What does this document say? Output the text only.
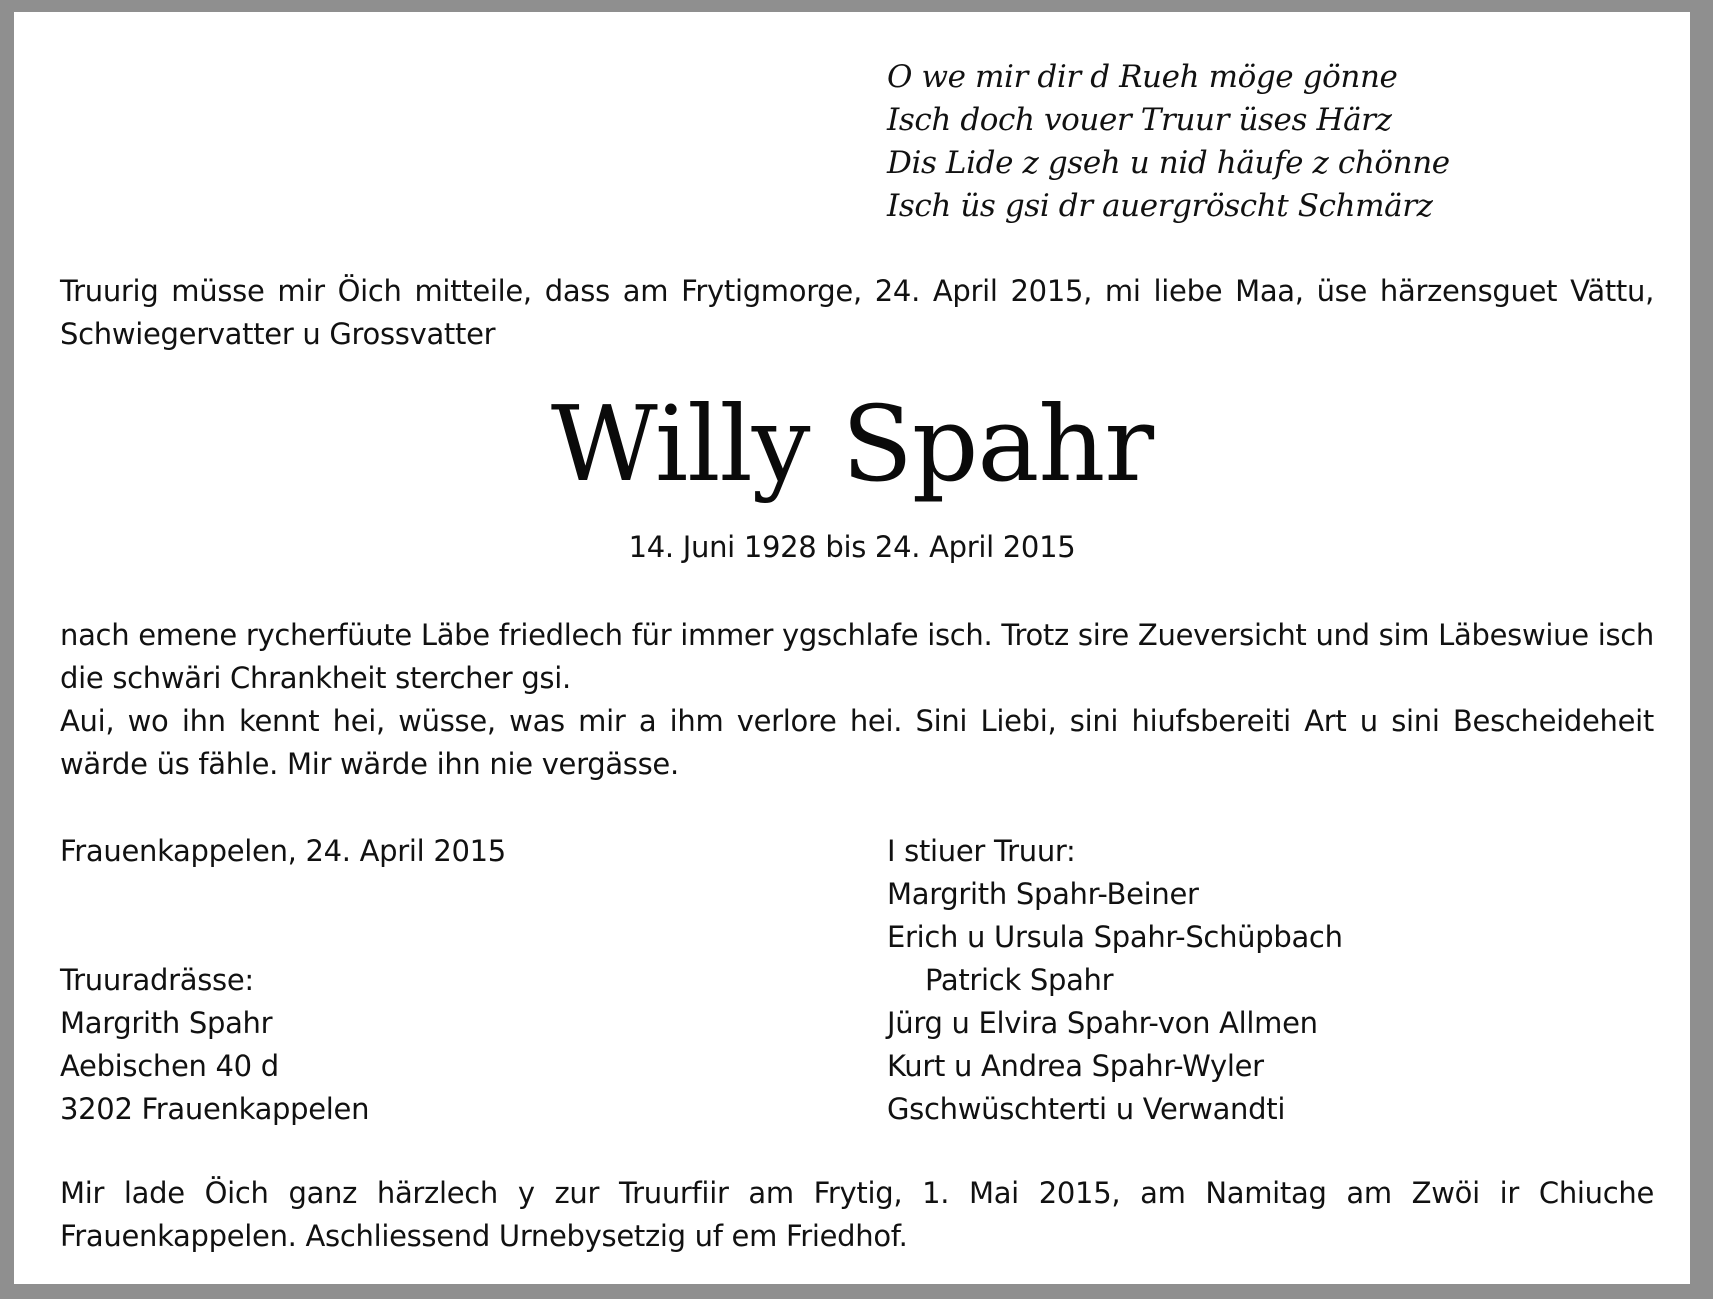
O we mir dir d Rueh möge gönne
Isch doch vouer Truur üses Härz
Dis Lide z gseh u nid häufe z chönne
Isch üs gsi dr auergröscht Schmärz
Truurig müsse mir Öich mitteile, dass am Frytigmorge, 24. April 2015, mi liebe Maa, üse härzensguet Vättu,
Schwiegervatter u Grossvatter
Willy Spahr
14. Juni 1928 bis 24. April 2015
nach emene rycherfüute Läbe friedlech für immer ygschlafe isch. Trotz sire Zueversicht und sim Läbeswiue isch
die schwäri Chrankheit stercher gsi.
Aui, wo ihn kennt hei, wüsse, was mir a ihm verlore hei. Sini Liebi, sini hiufsbereiti Art u sini Bescheideheit
wärde üs fähle. Mir wärde ihn nie vergässe.
Frauenkappelen, 24. April 2015
Truuradrässe:
Margrith Spahr
Aebischen 40 d
3202 Frauenkappelen
I stiuer Truur:
Margrith Spahr-Beiner
Erich u Ursula Spahr-Schüpbach
Patrick Spahr
Jürg u Elvira Spahr-von Allmen
Kurt u Andrea Spahr-Wyler
Gschwüschterti u Verwandti
Mir lade Öich ganz härzlech y zur Truurfiir am Frytig, 1. Mai 2015, am Namitag am Zwöi ir Chiuche
Frauenkappelen. Aschliessend Urnebysetzig uf em Friedhof.
